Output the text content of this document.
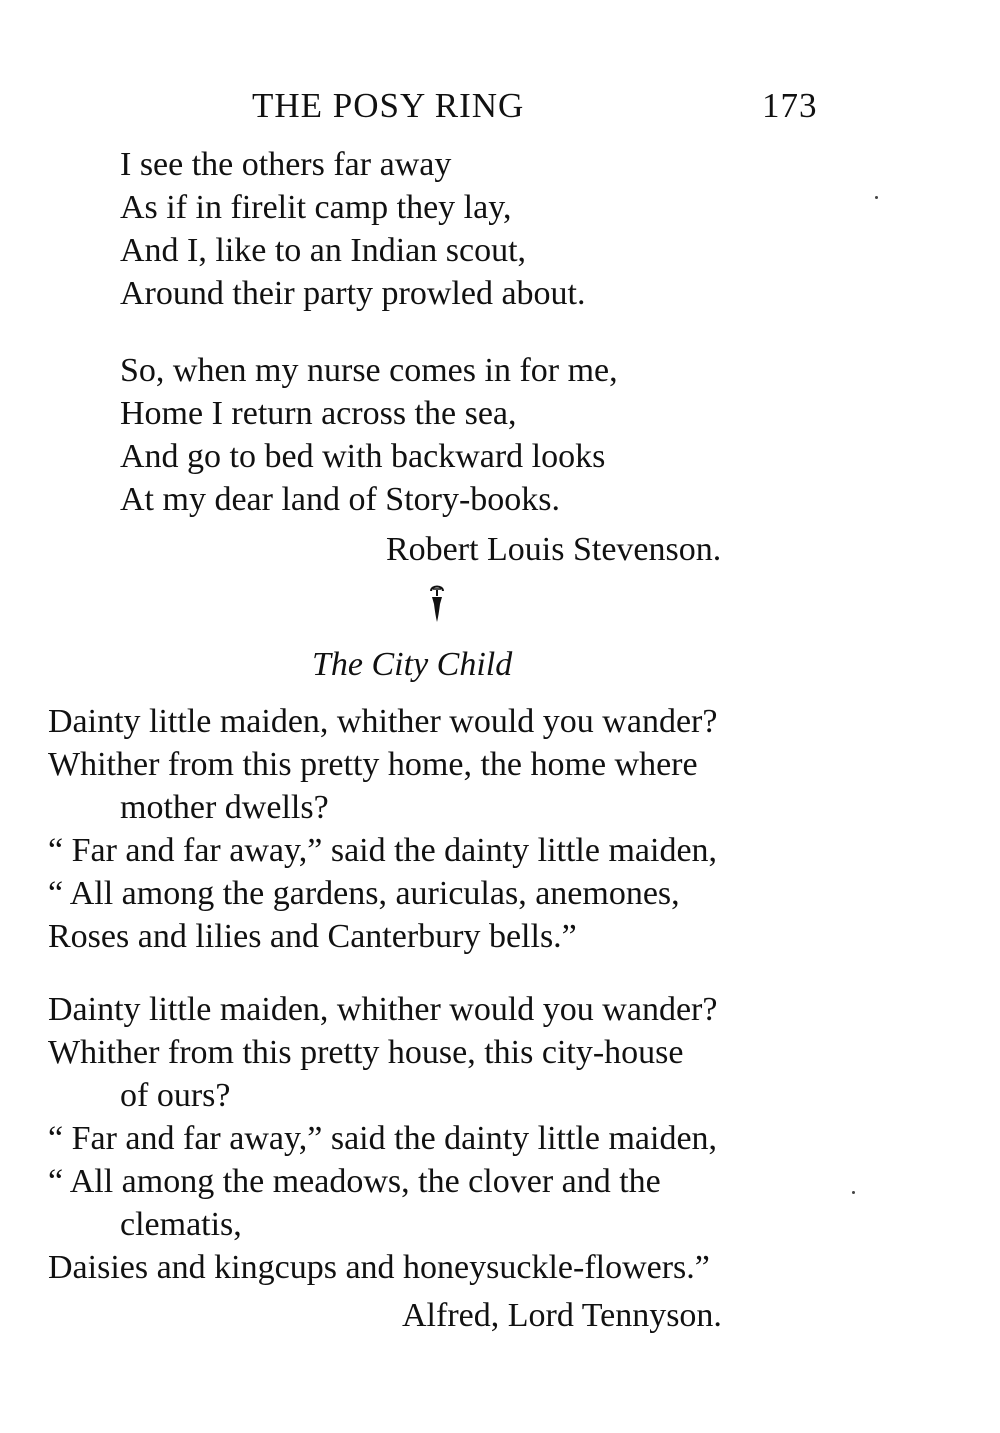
THE POSY RING	173
I see the others far away
As if in firelit camp they lay,
And I, like to an Indian scout,
Around their party prowled about.
So, when my nurse comes in for me,
Home I return across the sea,
And go to bed with backward looks
At my dear land of Story-books.
Robert Louis Stevenson.
The City Child
Dainty little maiden, whither would you wander?
Whither from this pretty home, the home where
mother dwells?
“ Far and far away,” said the dainty little maiden,
“ All among the gardens, auriculas, anemones,
Roses and lilies and Canterbury bells.”
Dainty little maiden, whither would you wander?
Whither from this pretty house, this city-house
of ours?
“ Far and far away,” said the dainty little maiden,
“ All among the meadows, the clover and the
clematis,
Daisies and kingcups and honeysuckle-flowers.”
Alfred, Lord Tennyson.
